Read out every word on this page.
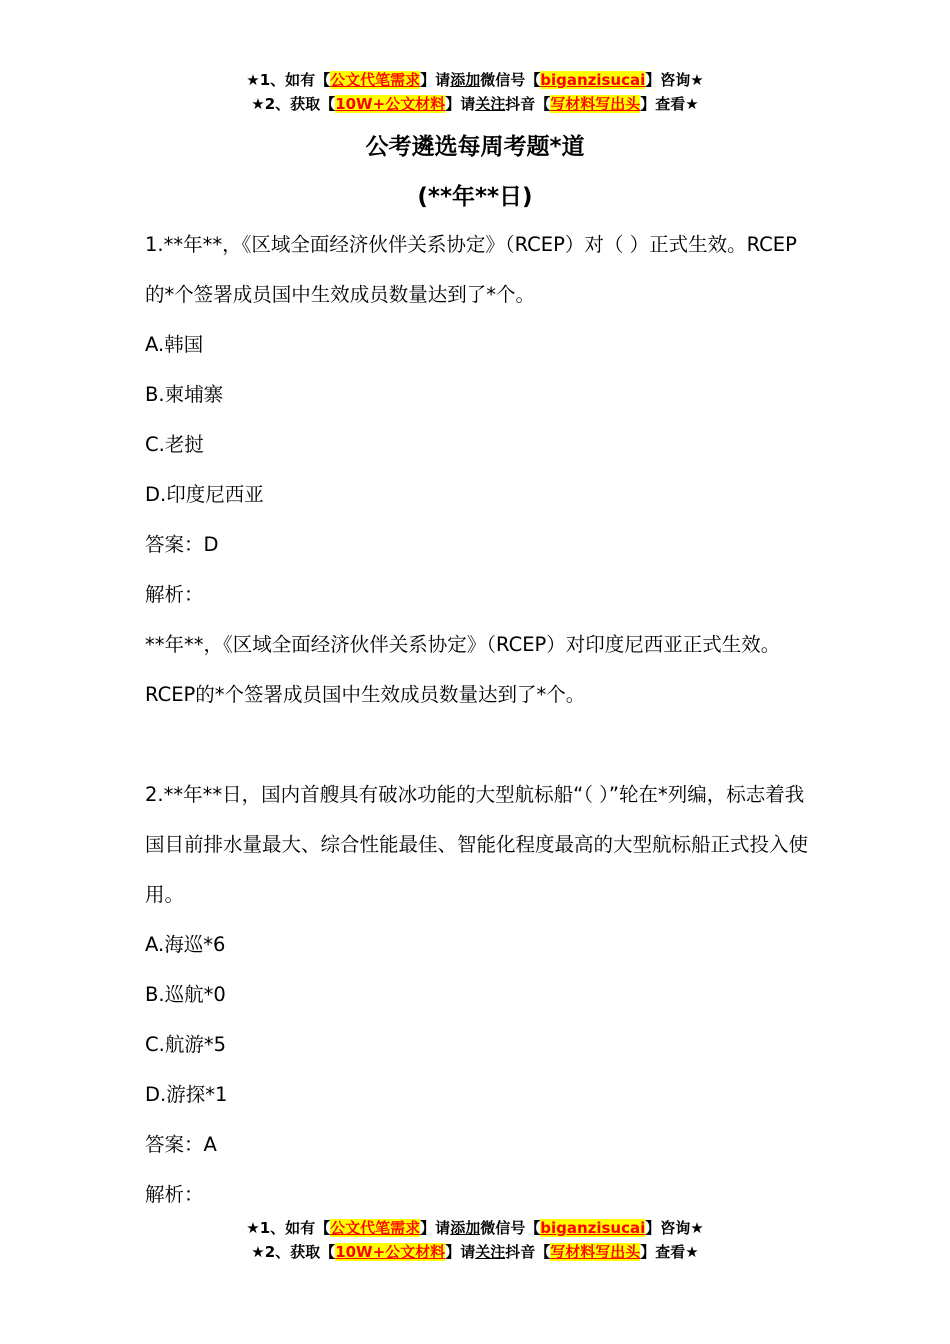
★1、如有【公文代笔需求】请添加微信号【biganzisucai】咨询★
★2、获取【10W+公文材料】请关注抖音【写材料写出头】查看★
公考遴选每周考题*道
(**年**日)

1.**年**，《区域全面经济伙伴关系协定》（RCEP）对（ ）正式生效。RCEP的*个签署成员国中生效成员数量达到了*个。

A.韩国

B.柬埔寨

C.老挝

D.印度尼西亚

答案：D

解析：

**年**，《区域全面经济伙伴关系协定》（RCEP）对印度尼西亚正式生效。RCEP的*个签署成员国中生效成员数量达到了*个。

2.**年**日，国内首艘具有破冰功能的大型航标船“（ ）”轮在*列编，标志着我国目前排水量最大、综合性能最佳、智能化程度最高的大型航标船正式投入使用。

A.海巡*6

B.巡航*0

C.航游*5

D.游探*1

答案：A

解析：

★1、如有【公文代笔需求】请添加微信号【biganzisucai】咨询★
★2、获取【10W+公文材料】请关注抖音【写材料写出头】查看★
